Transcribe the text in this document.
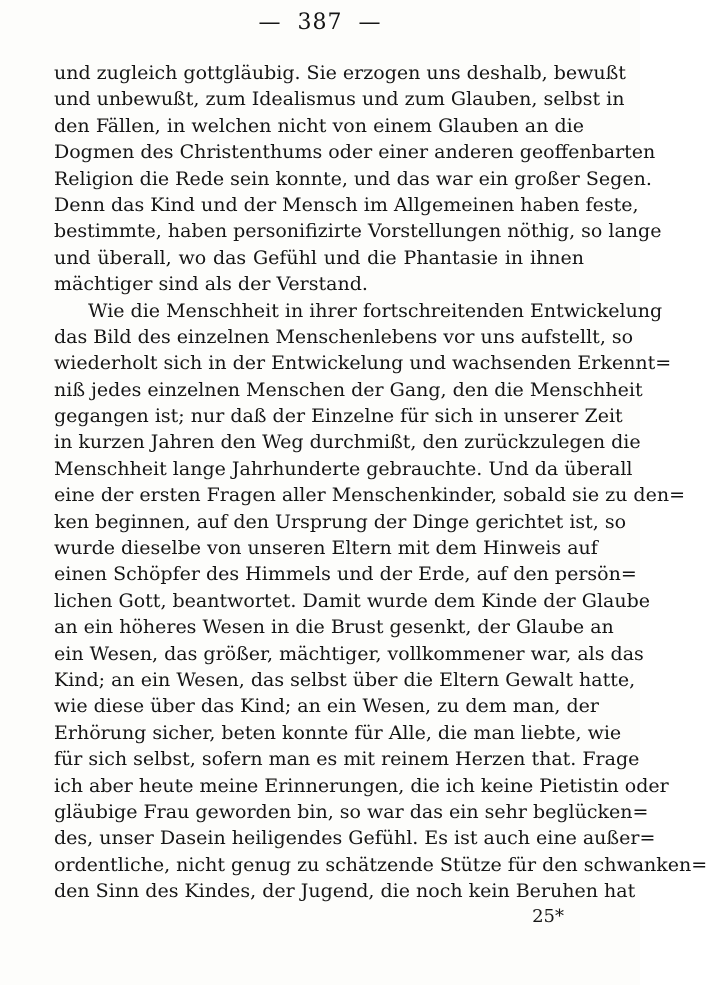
— 387 —
und zugleich gottgläubig. Sie erzogen uns deshalb, bewußt
und unbewußt, zum Idealismus und zum Glauben, selbst in
den Fällen, in welchen nicht von einem Glauben an die
Dogmen des Christenthums oder einer anderen geoffenbarten
Religion die Rede sein konnte, und das war ein großer Segen.
Denn das Kind und der Mensch im Allgemeinen haben feste,
bestimmte, haben personifizirte Vorstellungen nöthig, so lange
und überall, wo das Gefühl und die Phantasie in ihnen
mächtiger sind als der Verstand.
Wie die Menschheit in ihrer fortschreitenden Entwickelung
das Bild des einzelnen Menschenlebens vor uns aufstellt, so
wiederholt sich in der Entwickelung und wachsenden Erkennt=
niß jedes einzelnen Menschen der Gang, den die Menschheit
gegangen ist; nur daß der Einzelne für sich in unserer Zeit
in kurzen Jahren den Weg durchmißt, den zurückzulegen die
Menschheit lange Jahrhunderte gebrauchte. Und da überall
eine der ersten Fragen aller Menschenkinder, sobald sie zu den=
ken beginnen, auf den Ursprung der Dinge gerichtet ist, so
wurde dieselbe von unseren Eltern mit dem Hinweis auf
einen Schöpfer des Himmels und der Erde, auf den persön=
lichen Gott, beantwortet. Damit wurde dem Kinde der Glaube
an ein höheres Wesen in die Brust gesenkt, der Glaube an
ein Wesen, das größer, mächtiger, vollkommener war, als das
Kind; an ein Wesen, das selbst über die Eltern Gewalt hatte,
wie diese über das Kind; an ein Wesen, zu dem man, der
Erhörung sicher, beten konnte für Alle, die man liebte, wie
für sich selbst, sofern man es mit reinem Herzen that. Frage
ich aber heute meine Erinnerungen, die ich keine Pietistin oder
gläubige Frau geworden bin, so war das ein sehr beglücken=
des, unser Dasein heiligendes Gefühl. Es ist auch eine außer=
ordentliche, nicht genug zu schätzende Stütze für den schwanken=
den Sinn des Kindes, der Jugend, die noch kein Beruhen hat
25*
